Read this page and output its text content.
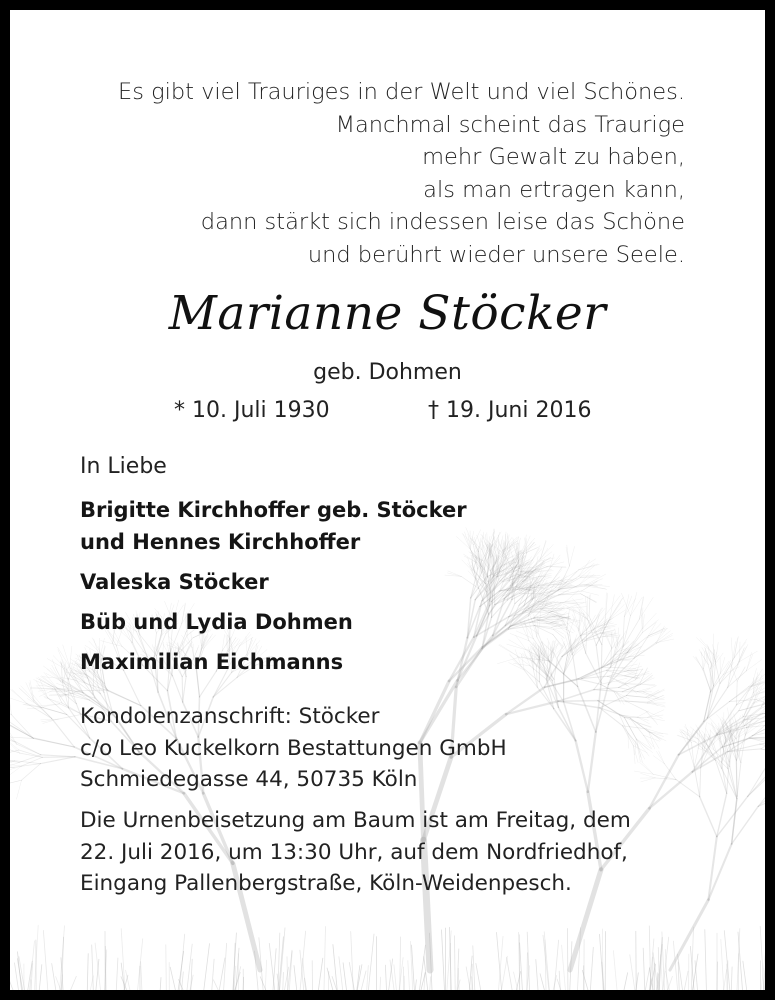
Es gibt viel Trauriges in der Welt und viel Schönes.
Manchmal scheint das Traurige
mehr Gewalt zu haben,
als man ertragen kann,
dann stärkt sich indessen leise das Schöne
und berührt wieder unsere Seele.
Marianne Stöcker
geb. Dohmen
* 10. Juli 1930	† 19. Juni 2016
In Liebe
Brigitte Kirchhoffer geb. Stöcker
und Hennes Kirchhoffer
Valeska Stöcker
Büb und Lydia Dohmen
Maximilian Eichmanns
Kondolenzanschrift: Stöcker
c/o Leo Kuckelkorn Bestattungen GmbH
Schmiedegasse 44, 50735 Köln
Die Urnenbeisetzung am Baum ist am Freitag, dem
22. Juli 2016, um 13:30 Uhr, auf dem Nordfriedhof,
Eingang Pallenbergstraße, Köln-Weidenpesch.
